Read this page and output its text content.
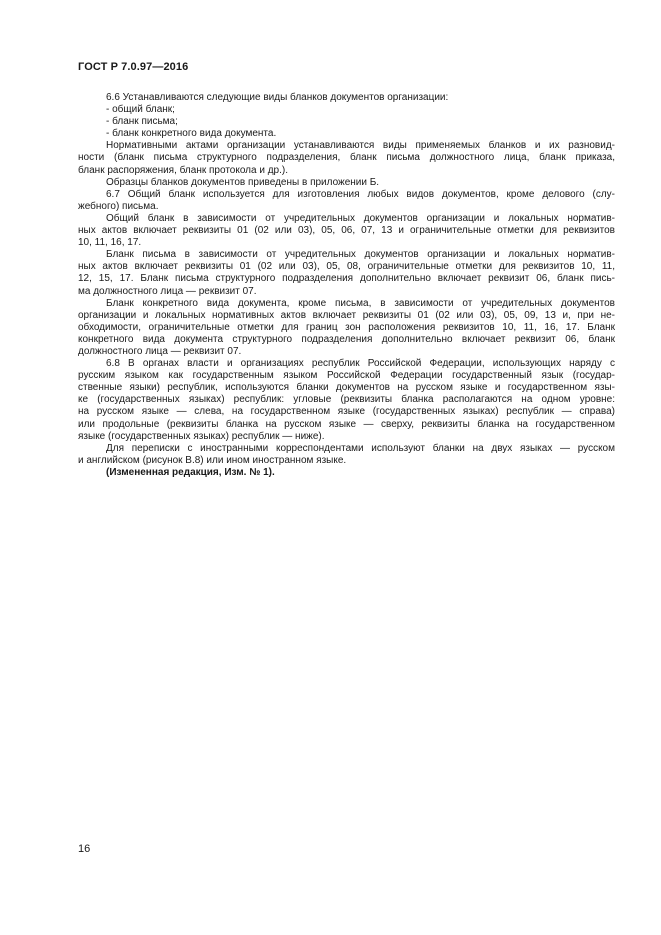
ГОСТ Р 7.0.97—2016
6.6 Устанавливаются следующие виды бланков документов организации:
- общий бланк;
- бланк письма;
- бланк конкретного вида документа.
Нормативными актами организации устанавливаются виды применяемых бланков и их разновид-
ности (бланк письма структурного подразделения, бланк письма должностного лица, бланк приказа,
бланк распоряжения, бланк протокола и др.).
Образцы бланков документов приведены в приложении Б.
6.7 Общий бланк используется для изготовления любых видов документов, кроме делового (слу-
жебного) письма.
Общий бланк в зависимости от учредительных документов организации и локальных норматив-
ных актов включает реквизиты 01 (02 или 03), 05, 06, 07, 13 и ограничительные отметки для реквизитов
10, 11, 16, 17.
Бланк письма в зависимости от учредительных документов организации и локальных норматив-
ных актов включает реквизиты 01 (02 или 03), 05, 08, ограничительные отметки для реквизитов 10, 11,
12, 15, 17. Бланк письма структурного подразделения дополнительно включает реквизит 06, бланк пись-
ма должностного лица — реквизит 07.
Бланк конкретного вида документа, кроме письма, в зависимости от учредительных документов
организации и локальных нормативных актов включает реквизиты 01 (02 или 03), 05, 09, 13 и, при не-
обходимости, ограничительные отметки для границ зон расположения реквизитов 10, 11, 16, 17. Бланк
конкретного вида документа структурного подразделения дополнительно включает реквизит 06, бланк
должностного лица — реквизит 07.
6.8 В органах власти и организациях республик Российской Федерации, использующих наряду с
русским языком как государственным языком Российской Федерации государственный язык (государ-
ственные языки) республик, используются бланки документов на русском языке и государственном язы-
ке (государственных языках) республик: угловые (реквизиты бланка располагаются на одном уровне:
на русском языке — слева, на государственном языке (государственных языках) республик — справа)
или продольные (реквизиты бланка на русском языке — сверху, реквизиты бланка на государственном
языке (государственных языках) республик — ниже).
Для переписки с иностранными корреспондентами используют бланки на двух языках — русском
и английском (рисунок В.8) или ином иностранном языке.
(Измененная редакция, Изм. № 1).
16
